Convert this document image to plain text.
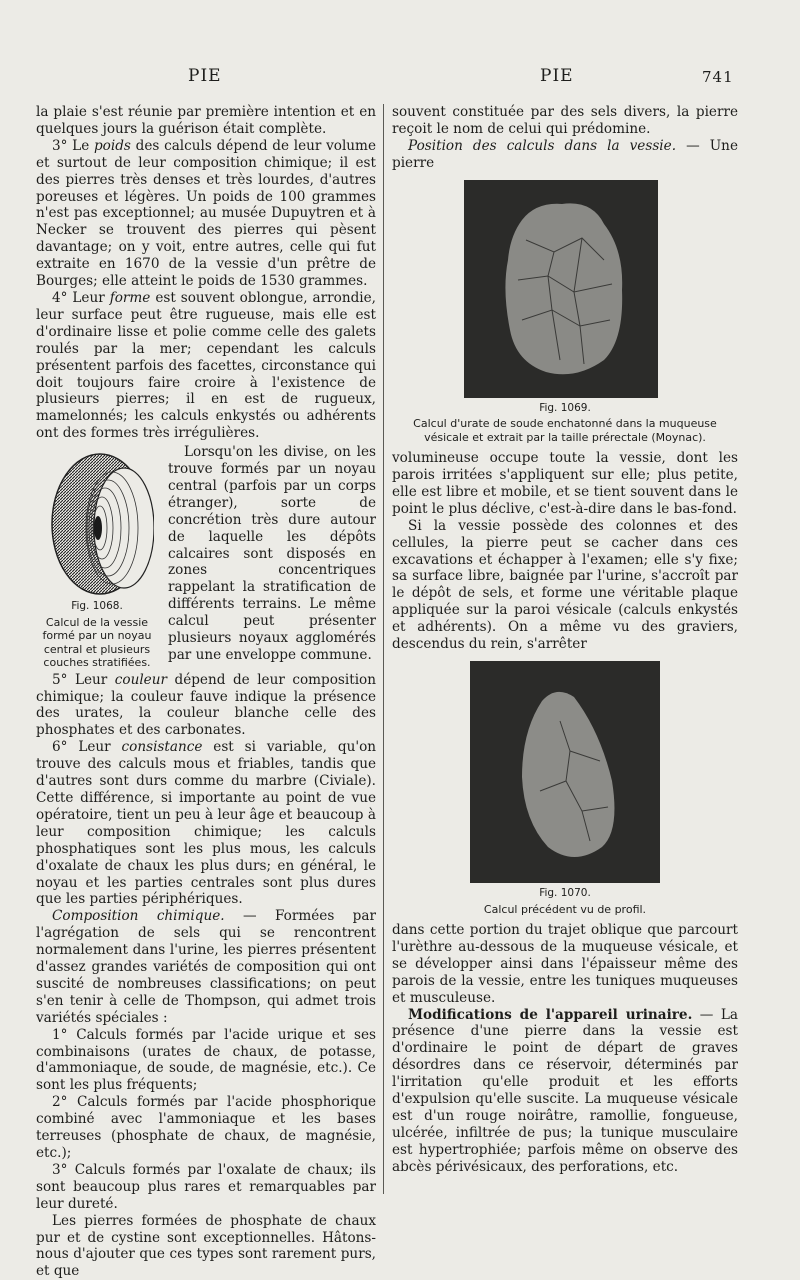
PIE	PIE	741

la plaie s'est réunie par première intention et en quelques jours la guérison était complète.

3° Le poids des calculs dépend de leur volume et surtout de leur composition chimique; il est des pierres très denses et très lourdes, d'autres poreuses et légères. Un poids de 100 grammes n'est pas exceptionnel; au musée Dupuytren et à Necker se trouvent des pierres qui pèsent davantage; on y voit, entre autres, celle qui fut extraite en 1670 de la vessie d'un prêtre de Bourges; elle atteint le poids de 1530 grammes.

4° Leur forme est souvent oblongue, arrondie, leur surface peut être rugueuse, mais elle est d'ordinaire lisse et polie comme celle des galets roulés par la mer; cependant les calculs présentent parfois des facettes, circonstance qui doit toujours faire croire à l'existence de plusieurs pierres; il en est de rugueux, mamelonnés; les calculs enkystés ou adhérents ont des formes très irrégulières.

Fig. 1068.
Calcul de la vessie formé par un noyau central et plusieurs couches stratifiées.

Lorsqu'on les divise, on les trouve formés par un noyau central (parfois par un corps étranger), sorte de concrétion très dure autour de laquelle les dépôts calcaires sont disposés en zones concentriques rappelant la stratification de différents terrains. Le même calcul peut présenter plusieurs noyaux agglomérés par une enveloppe commune.

5° Leur couleur dépend de leur composition chimique; la couleur fauve indique la présence des urates, la couleur blanche celle des phosphates et des carbonates.

6° Leur consistance est si variable, qu'on trouve des calculs mous et friables, tandis que d'autres sont durs comme du marbre (Civiale). Cette différence, si importante au point de vue opératoire, tient un peu à leur âge et beaucoup à leur composition chimique; les calculs phosphatiques sont les plus mous, les calculs d'oxalate de chaux les plus durs; en général, le noyau et les parties centrales sont plus dures que les parties périphériques.

Composition chimique. — Formées par l'agrégation de sels qui se rencontrent normalement dans l'urine, les pierres présentent d'assez grandes variétés de composition qui ont suscité de nombreuses classifications; on peut s'en tenir à celle de Thompson, qui admet trois variétés spéciales :

1° Calculs formés par l'acide urique et ses combinaisons (urates de chaux, de potasse, d'ammoniaque, de soude, de magnésie, etc.). Ce sont les plus fréquents;

2° Calculs formés par l'acide phosphorique combiné avec l'ammoniaque et les bases terreuses (phosphate de chaux, de magnésie, etc.);

3° Calculs formés par l'oxalate de chaux; ils sont beaucoup plus rares et remarquables par leur dureté.

Les pierres formées de phosphate de chaux pur et de cystine sont exceptionnelles. Hâtons-nous d'ajouter que ces types sont rarement purs, et que

souvent constituée par des sels divers, la pierre reçoit le nom de celui qui prédomine.

Position des calculs dans la vessie. — Une pierre

Fig. 1069.
Calcul d'urate de soude enchatonné dans la muqueuse vésicale et extrait par la taille prérectale (Moynac).

volumineuse occupe toute la vessie, dont les parois irritées s'appliquent sur elle; plus petite, elle est libre et mobile, et se tient souvent dans le point le plus déclive, c'est-à-dire dans le bas-fond.

Si la vessie possède des colonnes et des cellules, la pierre peut se cacher dans ces excavations et échapper à l'examen; elle s'y fixe; sa surface libre, baignée par l'urine, s'accroît par le dépôt de sels, et forme une véritable plaque appliquée sur la paroi vésicale (calculs enkystés et adhérents). On a même vu des graviers, descendus du rein, s'arrêter

Fig. 1070.
Calcul précédent vu de profil.

dans cette portion du trajet oblique que parcourt l'urèthre au-dessous de la muqueuse vésicale, et se développer ainsi dans l'épaisseur même des parois de la vessie, entre les tuniques muqueuses et musculeuse.

Modifications de l'appareil urinaire. — La présence d'une pierre dans la vessie est d'ordinaire le point de départ de graves désordres dans ce réservoir, déterminés par l'irritation qu'elle produit et les efforts d'expulsion qu'elle suscite. La muqueuse vésicale est d'un rouge noirâtre, ramollie, fongueuse, ulcérée, infiltrée de pus; la tunique musculaire est hypertrophiée; parfois même on observe des abcès périvésicaux, des perforations, etc.
